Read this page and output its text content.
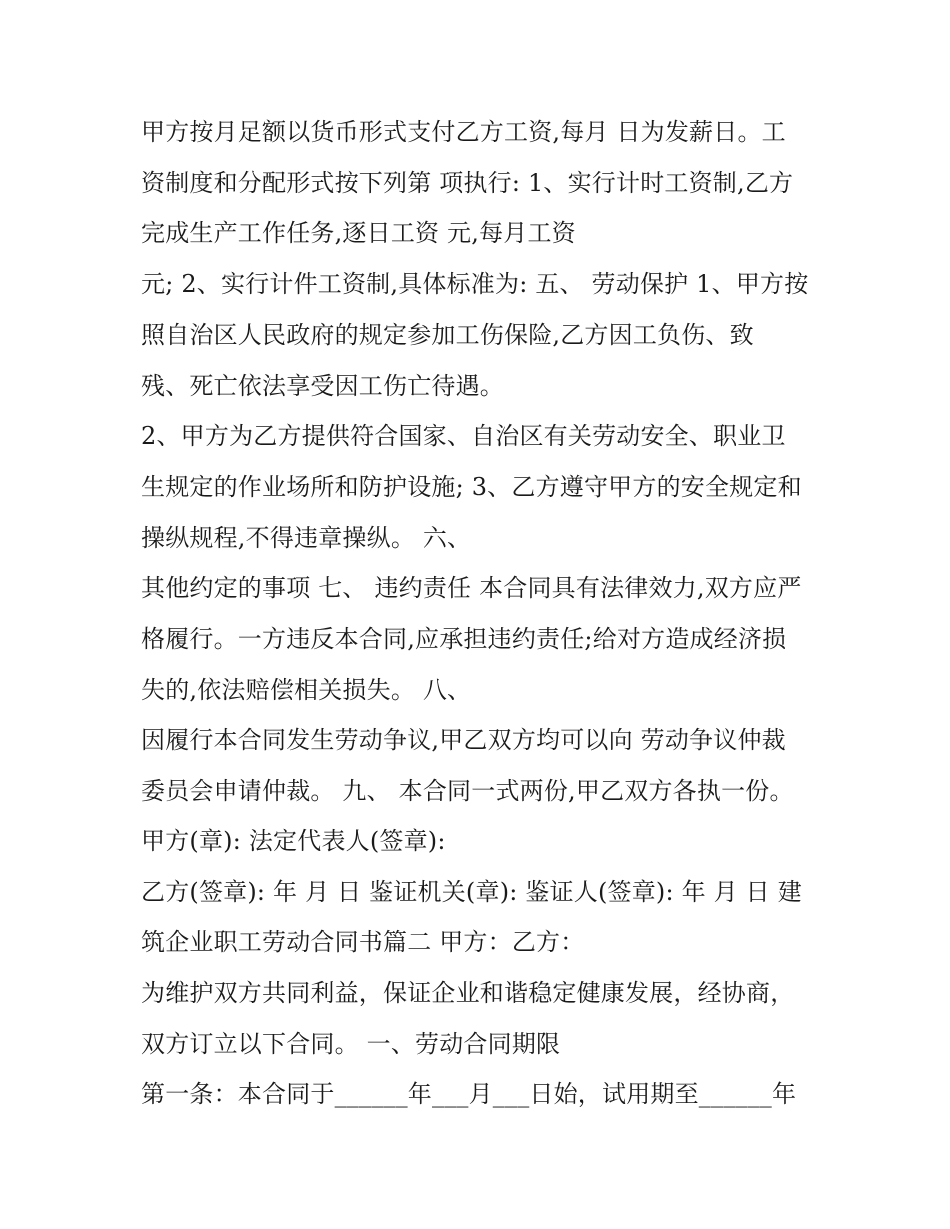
甲方按月足额以货币形式支付乙方工资,每月 日为发薪日。工

资制度和分配形式按下列第 项执行: 1、实行计时工资制,乙方

完成生产工作任务,逐日工资 元,每月工资

元; 2、实行计件工资制,具体标准为: 五、 劳动保护 1、甲方按

照自治区人民政府的规定参加工伤保险,乙方因工负伤、致

残、死亡依法享受因工伤亡待遇。

2、甲方为乙方提供符合国家、自治区有关劳动安全、职业卫

生规定的作业场所和防护设施; 3、乙方遵守甲方的安全规定和

操纵规程,不得违章操纵。 六、

其他约定的事项 七、 违约责任 本合同具有法律效力,双方应严

格履行。一方违反本合同,应承担违约责任;给对方造成经济损

失的,依法赔偿相关损失。 八、

因履行本合同发生劳动争议,甲乙双方均可以向 劳动争议仲裁

委员会申请仲裁。 九、 本合同一式两份,甲乙双方各执一份。

甲方(章): 法定代表人(签章):

乙方(签章): 年 月 日 鉴证机关(章): 鉴证人(签章): 年 月 日 建

筑企业职工劳动合同书篇二 甲方：乙方：

为维护双方共同利益，保证企业和谐稳定健康发展，经协商，

双方订立以下合同。 一、劳动合同期限

第一条：本合同于______年___月___日始，试用期至______年
